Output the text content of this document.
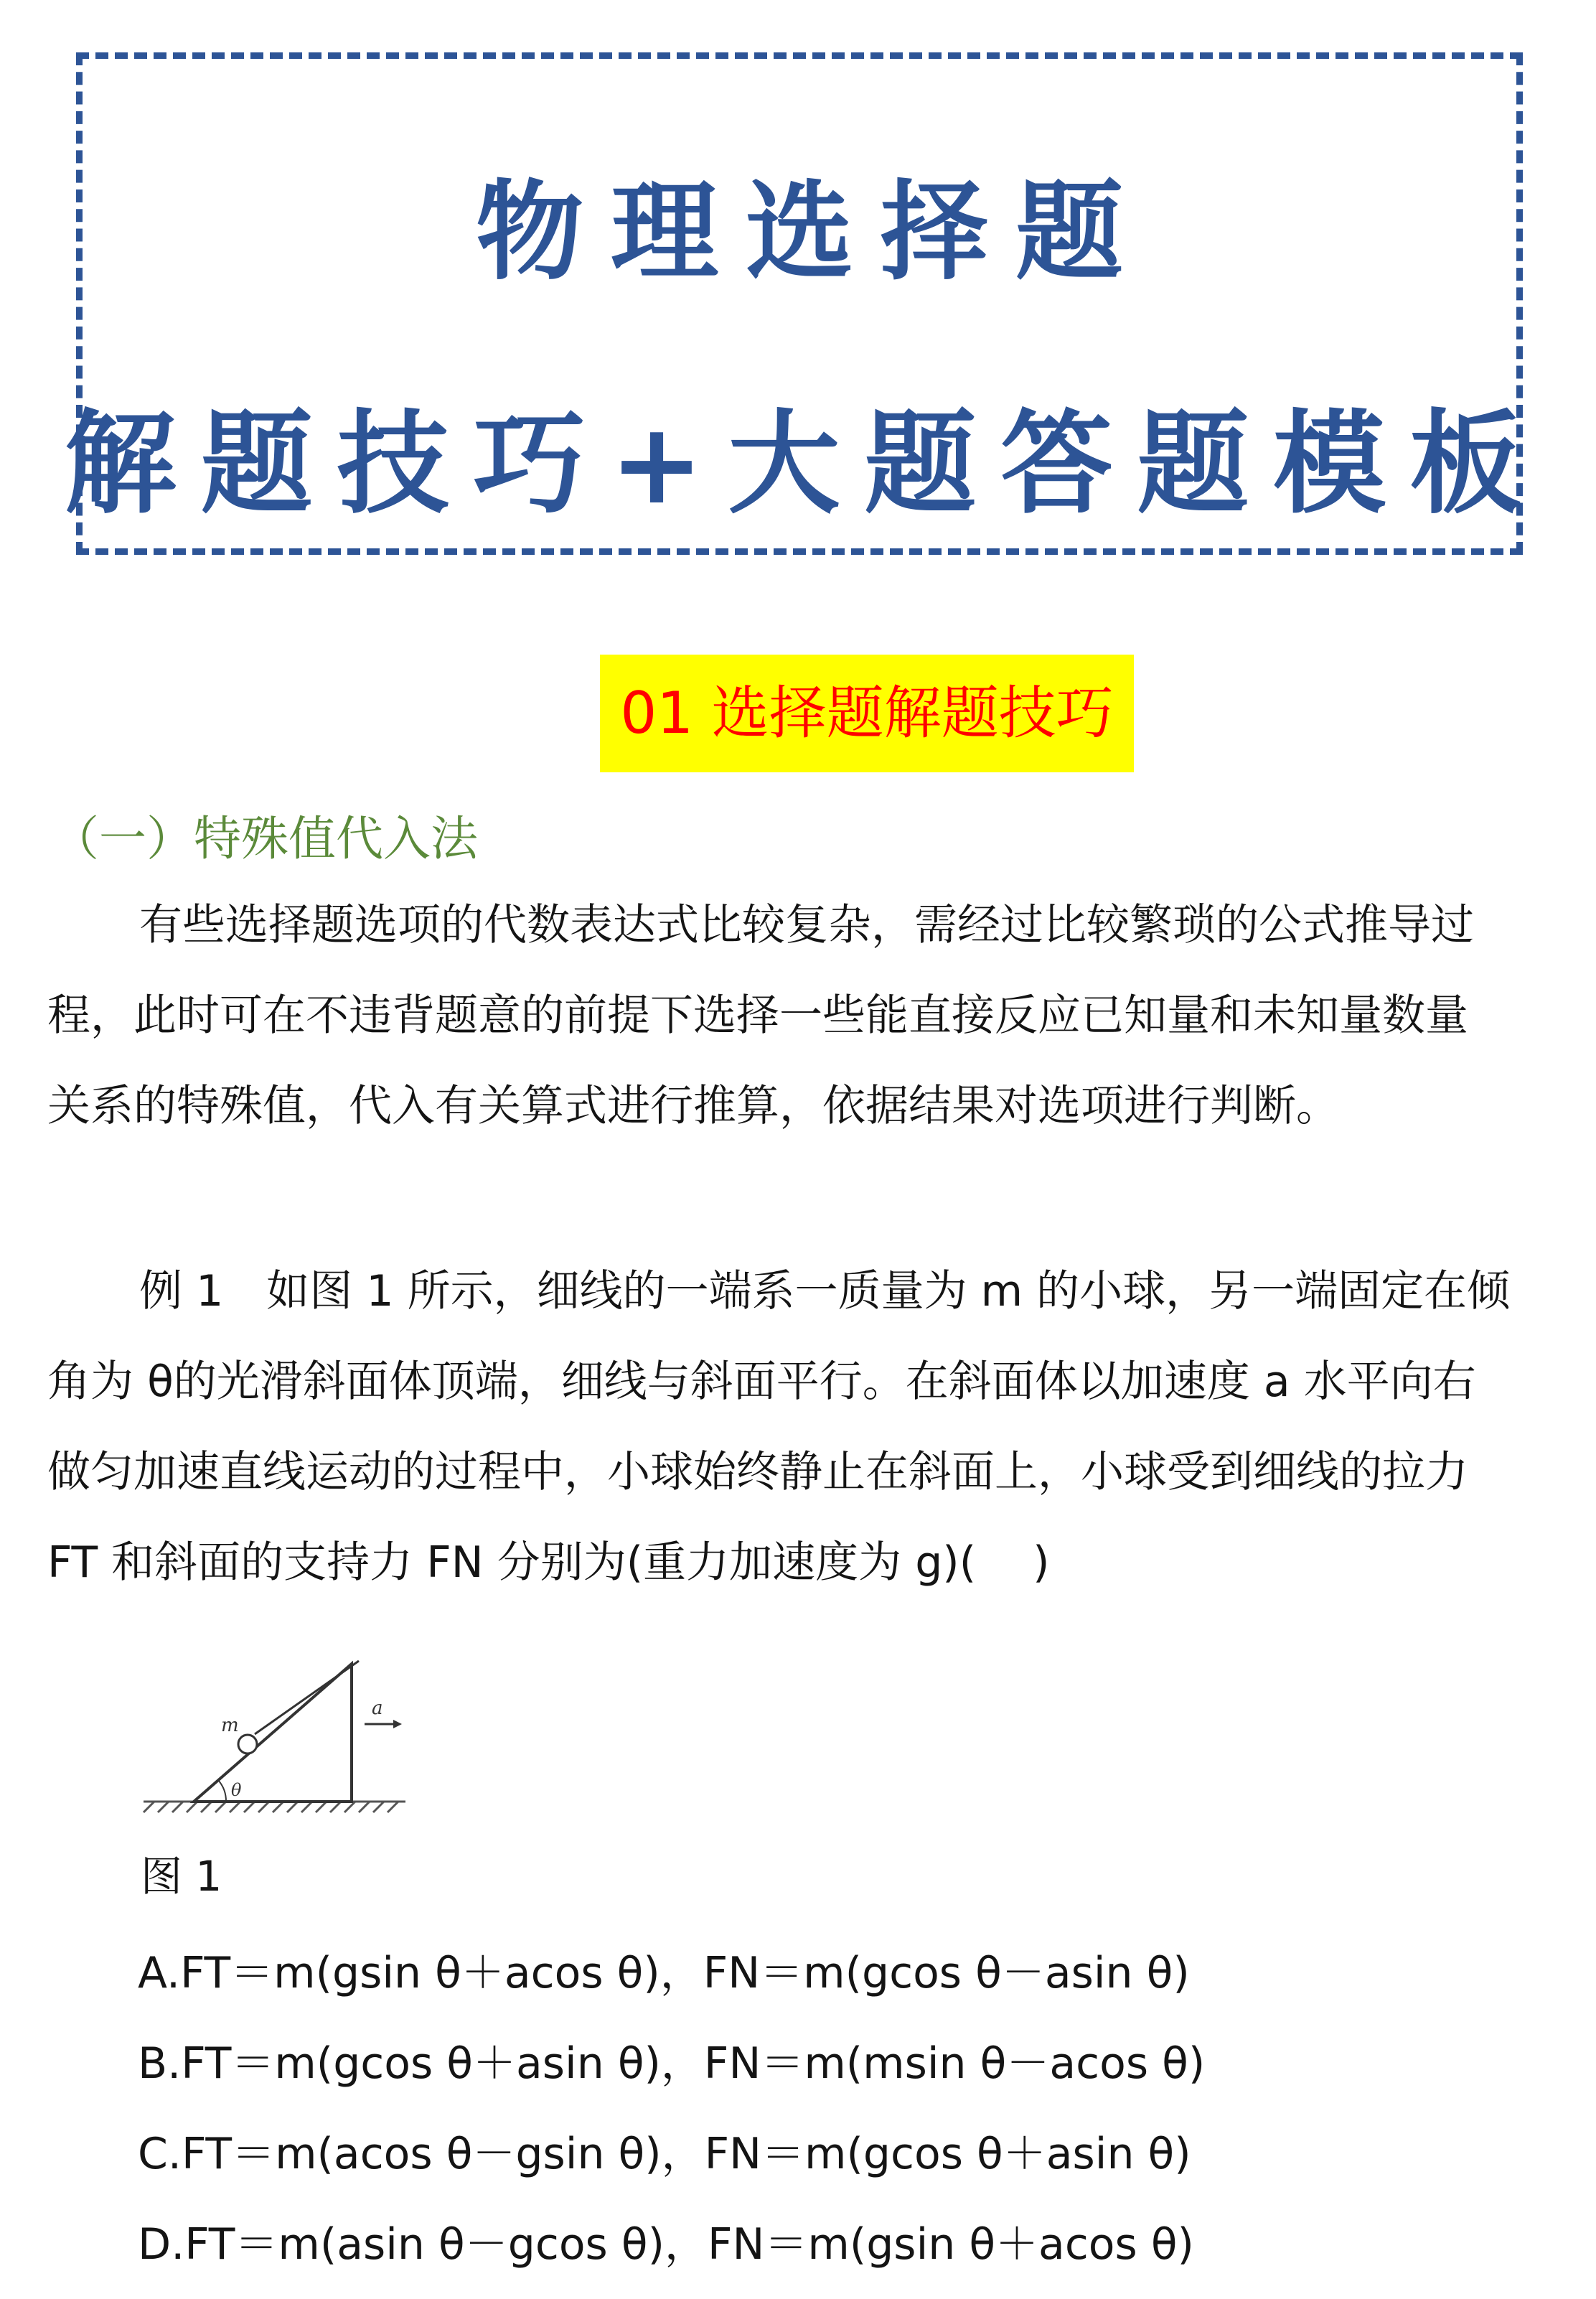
物理选择题
解题技巧+大题答题模板
01 选择题解题技巧
（一）特殊值代入法
有些选择题选项的代数表达式比较复杂，需经过比较繁琐的公式推导过
程，此时可在不违背题意的前提下选择一些能直接反应已知量和未知量数量
关系的特殊值，代入有关算式进行推算，依据结果对选项进行判断。
例 1　如图 1 所示，细线的一端系一质量为 m 的小球，另一端固定在倾
角为 θ的光滑斜面体顶端，细线与斜面平行。在斜面体以加速度 a 水平向右
做匀加速直线运动的过程中，小球始终静止在斜面上，小球受到细线的拉力
FT 和斜面的支持力 FN 分别为(重力加速度为 g)(　 )
θ
m
a
图 1
A.FT＝m(gsin θ＋acos θ)，FN＝m(gcos θ－asin θ)
B.FT＝m(gcos θ＋asin θ)，FN＝m(msin θ－acos θ)
C.FT＝m(acos θ－gsin θ)，FN＝m(gcos θ＋asin θ)
D.FT＝m(asin θ－gcos θ)，FN＝m(gsin θ＋acos θ)
